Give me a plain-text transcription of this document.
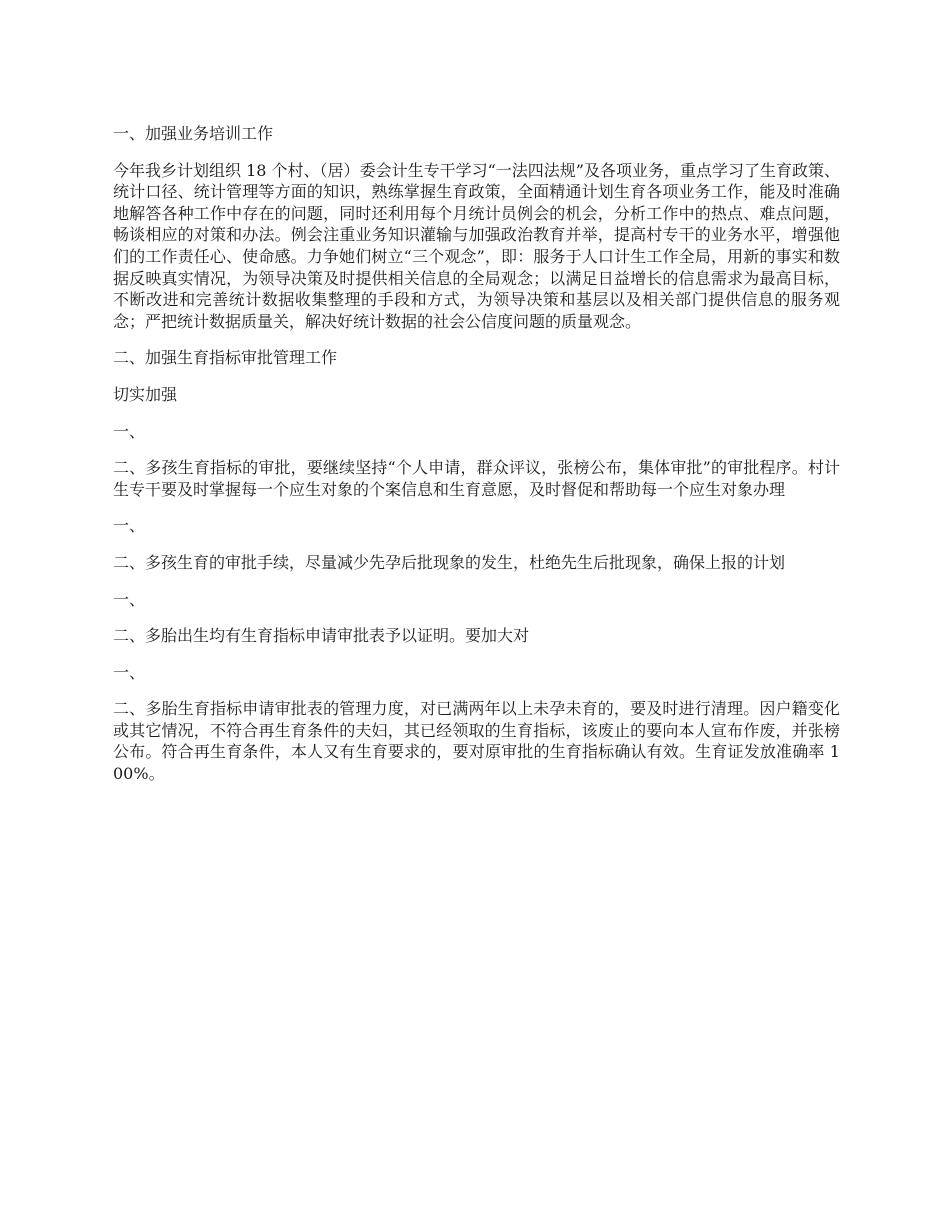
一、加强业务培训工作

今年我乡计划组织 18 个村、（居）委会计生专干学习“一法四法规”及各项业务，重点学习了生育政策、统计口径、统计管理等方面的知识，熟练掌握生育政策，全面精通计划生育各项业务工作，能及时准确地解答各种工作中存在的问题，同时还利用每个月统计员例会的机会，分析工作中的热点、难点问题，畅谈相应的对策和办法。例会注重业务知识灌输与加强政治教育并举，提高村专干的业务水平，增强他们的工作责任心、使命感。力争她们树立“三个观念”，即：服务于人口计生工作全局，用新的事实和数据反映真实情况，为领导决策及时提供相关信息的全局观念；以满足日益增长的信息需求为最高目标，不断改进和完善统计数据收集整理的手段和方式，为领导决策和基层以及相关部门提供信息的服务观念；严把统计数据质量关，解决好统计数据的社会公信度问题的质量观念。

二、加强生育指标审批管理工作

切实加强

一、

二、多孩生育指标的审批，要继续坚持“个人申请，群众评议，张榜公布，集体审批”的审批程序。村计生专干要及时掌握每一个应生对象的个案信息和生育意愿，及时督促和帮助每一个应生对象办理

一、

二、多孩生育的审批手续，尽量减少先孕后批现象的发生，杜绝先生后批现象，确保上报的计划

一、

二、多胎出生均有生育指标申请审批表予以证明。要加大对

一、

二、多胎生育指标申请审批表的管理力度，对已满两年以上未孕未育的，要及时进行清理。因户籍变化或其它情况，不符合再生育条件的夫妇，其已经领取的生育指标，该废止的要向本人宣布作废，并张榜公布。符合再生育条件，本人又有生育要求的，要对原审批的生育指标确认有效。生育证发放准确率 100%。
